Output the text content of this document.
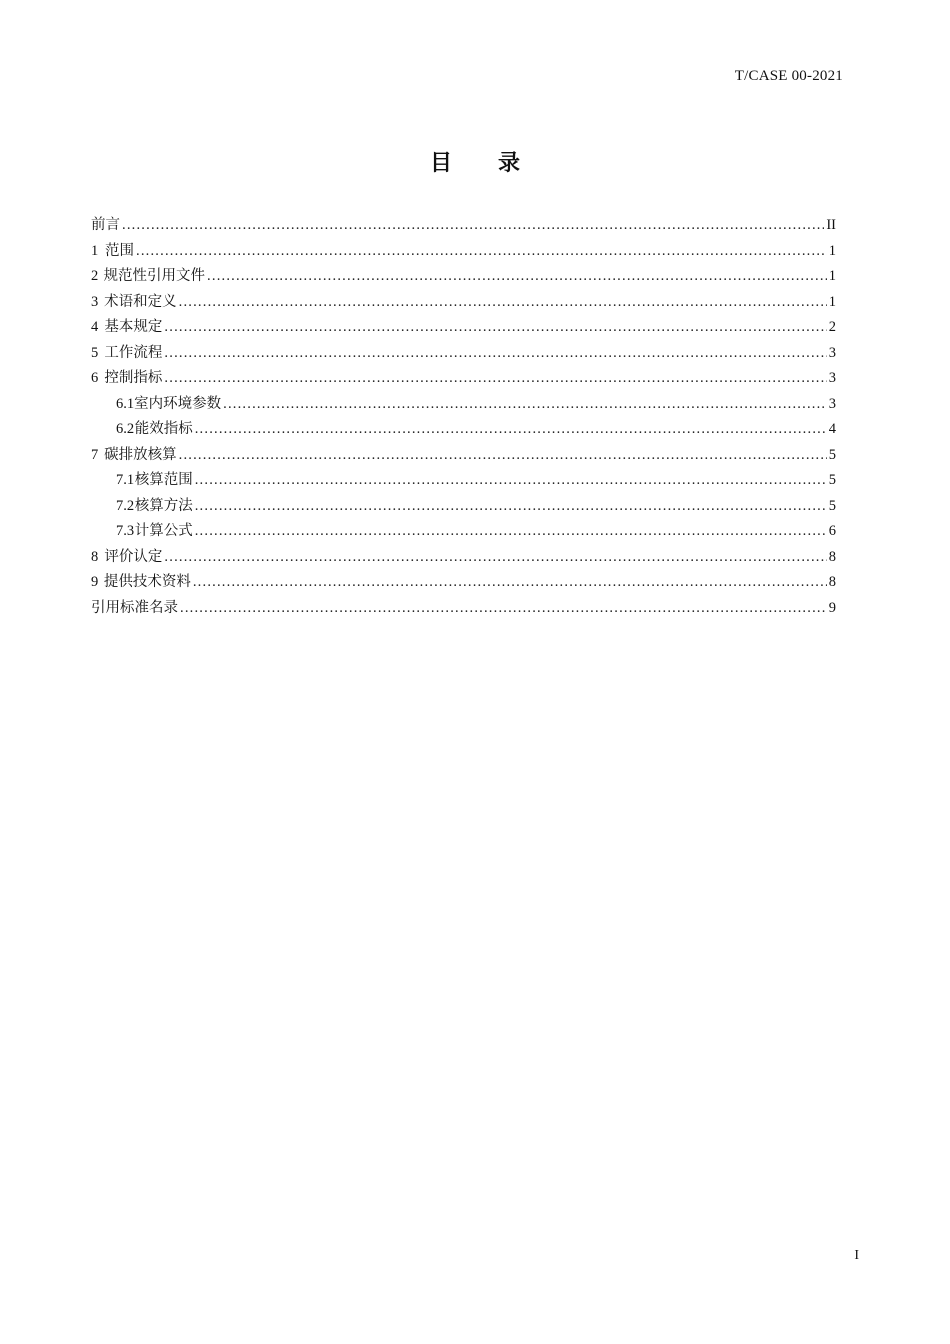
T/CASE 00-2021
目 录
前言 .....	II
1 范围 .....	1
2 规范性引用文件 .....	1
3 术语和定义 .....	1
4 基本规定 .....	2
5 工作流程 .....	3
6 控制指标 .....	3
6.1 室内环境参数 .....	3
6.2 能效指标 .....	4
7 碳排放核算 .....	5
7.1 核算范围 .....	5
7.2 核算方法 .....	5
7.3 计算公式 .....	6
8 评价认定 .....	8
9 提供技术资料 .....	8
引用标准名录 .....	9
I
